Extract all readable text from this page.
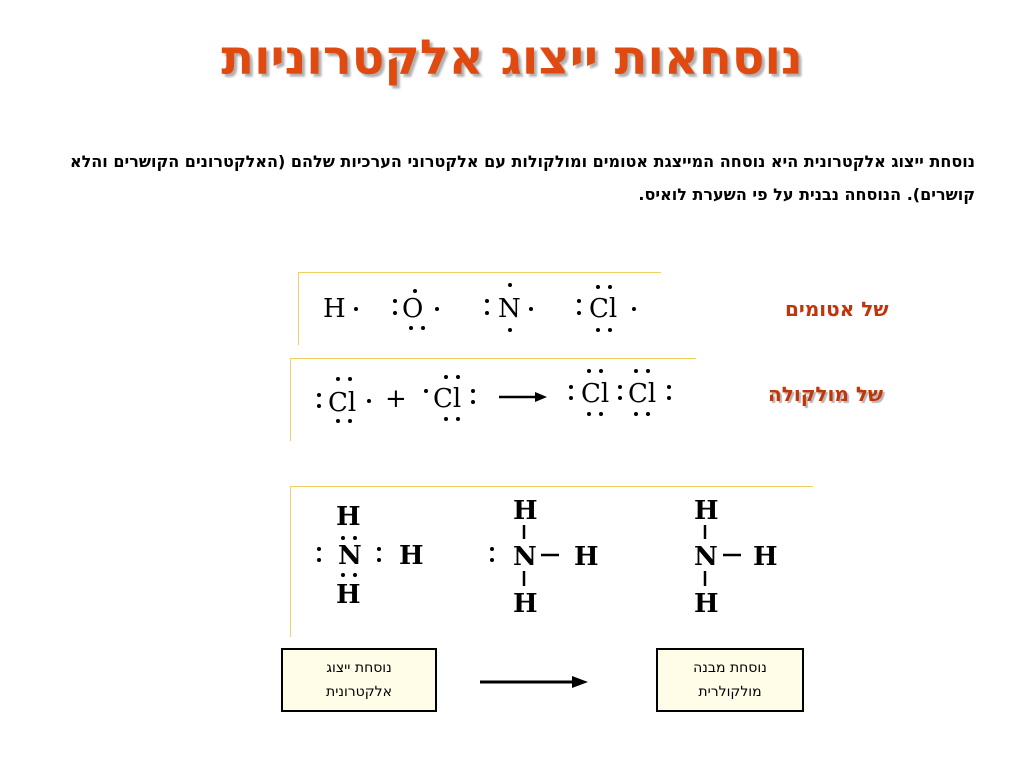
נוסחאות ייצוג אלקטרוניות
נוסחת ייצוג אלקטרונית היא נוסחה המייצגת אטומים ומולקולות עם אלקטרוני הערכיות שלהם (האלקטרונים הקושרים והלא קושרים). הנוסחה נבנית על פי השערת לואיס.
של אטומים
של מולקולה
H O	N	Cl
Cl + Cl	Cl Cl
H
N H
H
H
N H
H
H
N H
H
נוסחת ייצוג אלקטרונית
נוסחת מבנה מולקולרית
